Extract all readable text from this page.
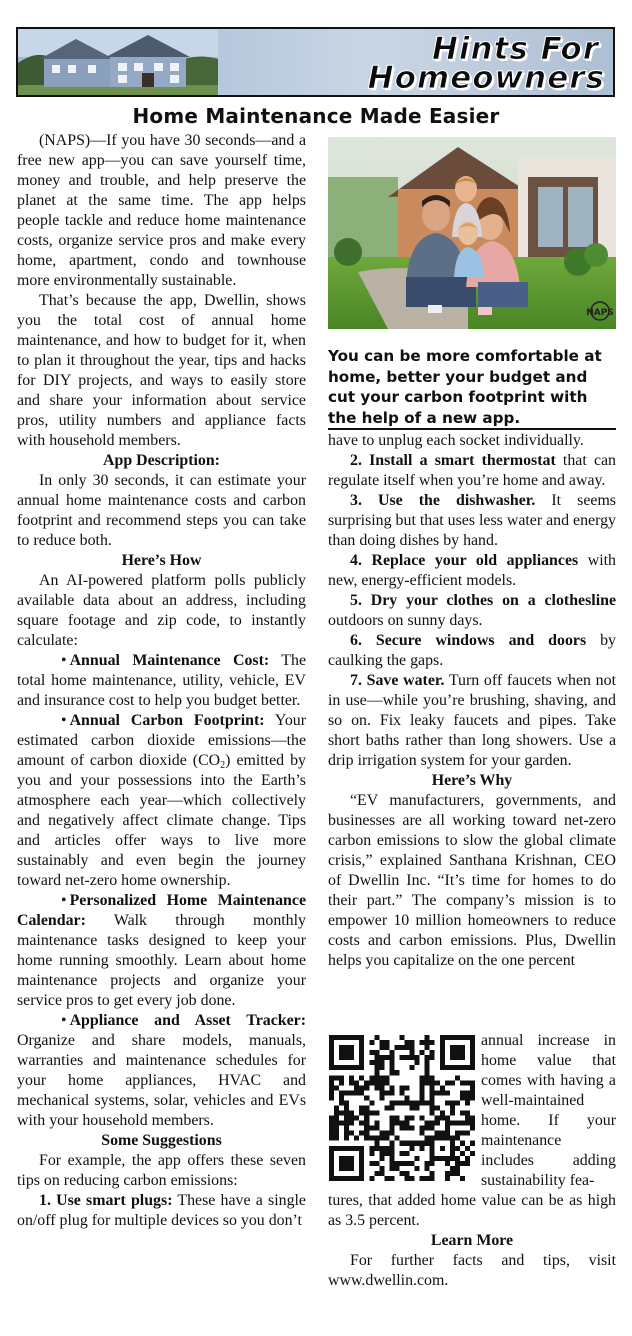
Hints For
Homeowners
Home Maintenance Made Easier

(NAPS)—If you have 30 seconds—and a free new app—you can save yourself time, money and trouble, and help preserve the planet at the same time. The app helps people tackle and reduce home maintenance costs, organize service pros and make every home, apartment, condo and townhouse more environmentally sustainable.

That’s because the app, Dwellin, shows you the total cost of annual home maintenance, and how to budget for it, when to plan it throughout the year, tips and hacks for DIY projects, and ways to easily store and share your information about service pros, utility numbers and appliance facts with household members.

App Description:

In only 30 seconds, it can estimate your annual home maintenance costs and carbon footprint and recommend steps you can take to reduce both.

Here’s How

An AI-powered platform polls publicly available data about an address, including square footage and zip code, to instantly calculate:

• Annual Maintenance Cost: The total home maintenance, utility, vehicle, EV and insurance cost to help you budget better.

• Annual Carbon Footprint: Your estimated carbon dioxide emissions—the amount of carbon dioxide $(CO_2)$ emitted by you and your possessions into the Earth’s atmosphere each year—which collectively and negatively affect climate change. Tips and articles offer ways to live more sustainably and even begin the journey toward net-zero home ownership.

• Personalized Home Maintenance Calendar: Walk through monthly maintenance tasks designed to keep your home running smoothly. Learn about home maintenance projects and organize your service pros to get every job done.

• Appliance and Asset Tracker: Organize and share models, manuals, warranties and maintenance schedules for your home appliances, HVAC and mechanical systems, solar, vehicles and EVs with your household members.

Some Suggestions

For example, the app offers these seven tips on reducing carbon emissions:

1. Use smart plugs: These have a single on/off plug for multiple devices so you don’t

NAPS
You can be more comfortable at home, better your budget and cut your carbon footprint with the help of a new app.

have to unplug each socket individually.

2. Install a smart thermostat that can regulate itself when you’re home and away.

3. Use the dishwasher. It seems surprising but that uses less water and energy than doing dishes by hand.

4. Replace your old appliances with new, energy-efficient models.

5. Dry your clothes on a clothesline outdoors on sunny days.

6. Secure windows and doors by caulking the gaps.

7. Save water. Turn off faucets when not in use—while you’re brushing, shaving, and so on. Fix leaky faucets and pipes. Take short baths rather than long showers. Use a drip irrigation system for your garden.

Here’s Why

“EV manufacturers, governments, and businesses are all working toward net-zero carbon emissions to slow the global climate crisis,” explained Santhana Krishnan, CEO of Dwellin Inc. “It’s time for homes to do their part.” The company’s mission is to empower 10 million homeowners to reduce costs and carbon emissions. Plus, Dwellin helps you capitalize on the one percent

annual increase in home value that comes with having a well-maintained home. If your maintenance includes adding sustainability fea-

tures, that added home value can be as high as 3.5 percent.

Learn More

For further facts and tips, visit www.dwellin.com.
